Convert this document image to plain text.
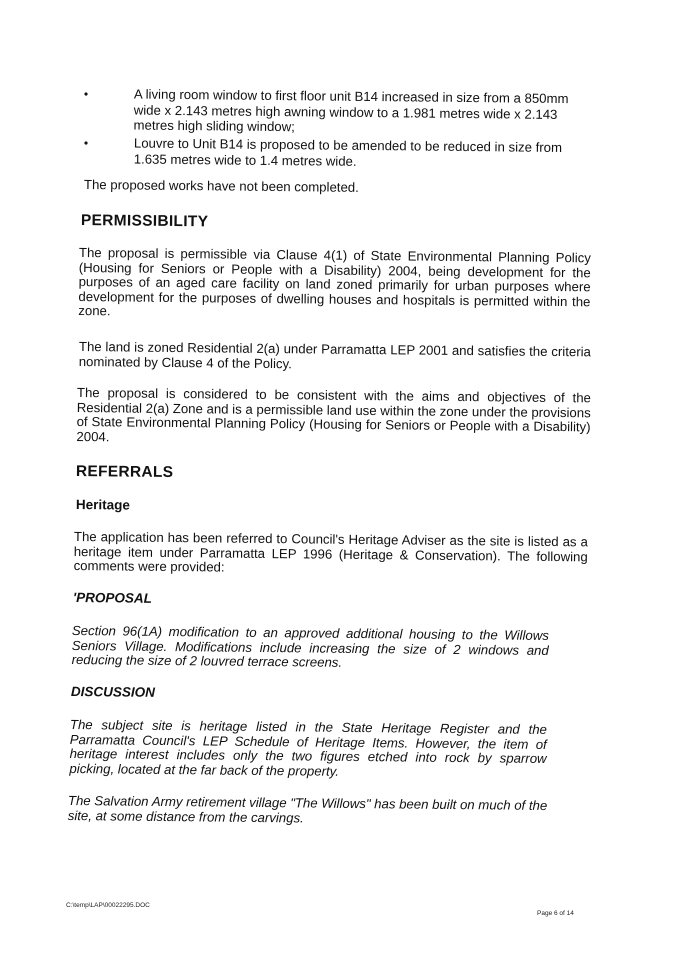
•	A living room window to first floor unit B14 increased in size from a 850mm wide x 2.143 metres high awning window to a 1.981 metres wide x 2.143 metres high sliding window;
•	Louvre to Unit B14 is proposed to be amended to be reduced in size from 1.635 metres wide to 1.4 metres wide.

The proposed works have not been completed.

PERMISSIBILITY

The proposal is permissible via Clause 4(1) of State Environmental Planning Policy (Housing for Seniors or People with a Disability) 2004, being development for the purposes of an aged care facility on land zoned primarily for urban purposes where development for the purposes of dwelling houses and hospitals is permitted within the zone.

The land is zoned Residential 2(a) under Parramatta LEP 2001 and satisfies the criteria nominated by Clause 4 of the Policy.

The proposal is considered to be consistent with the aims and objectives of the Residential 2(a) Zone and is a permissible land use within the zone under the provisions of State Environmental Planning Policy (Housing for Seniors or People with a Disability) 2004.

REFERRALS
Heritage

The application has been referred to Council's Heritage Adviser as the site is listed as a heritage item under Parramatta LEP 1996 (Heritage & Conservation). The following comments were provided:

'PROPOSAL

Section 96(1A) modification to an approved additional housing to the Willows Seniors Village. Modifications include increasing the size of 2 windows and reducing the size of 2 louvred terrace screens.

DISCUSSION

The subject site is heritage listed in the State Heritage Register and the Parramatta Council's LEP Schedule of Heritage Items. However, the item of heritage interest includes only the two figures etched into rock by sparrow picking, located at the far back of the property.

The Salvation Army retirement village "The Willows" has been built on much of the site, at some distance from the carvings.

C:\temp\LAP\00022295.DOC
Page 6 of 14
